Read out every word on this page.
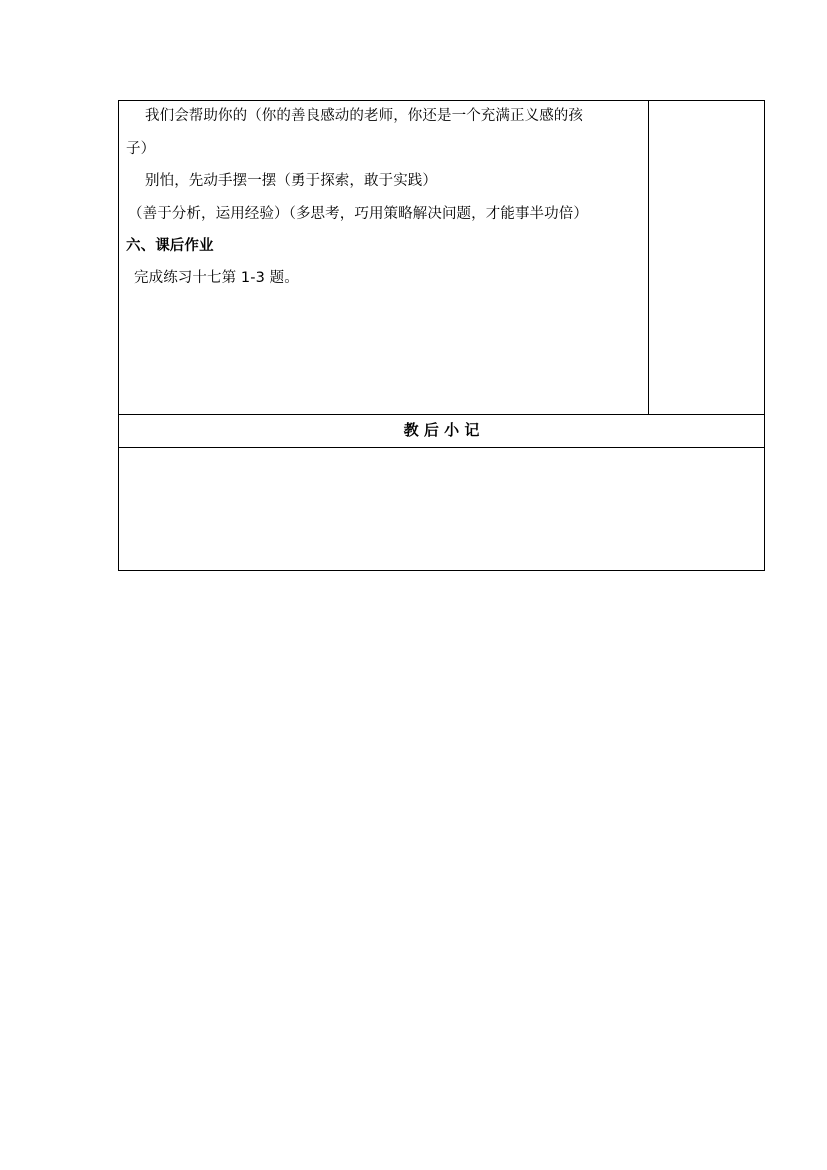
我们会帮助你的（你的善良感动的老师，你还是一个充满正义感的孩
子）
别怕，先动手摆一摆（勇于探索，敢于实践）
（善于分析，运用经验）（多思考，巧用策略解决问题，才能事半功倍）
六、课后作业
完成练习十七第 1-3 题。
教 后 小 记
